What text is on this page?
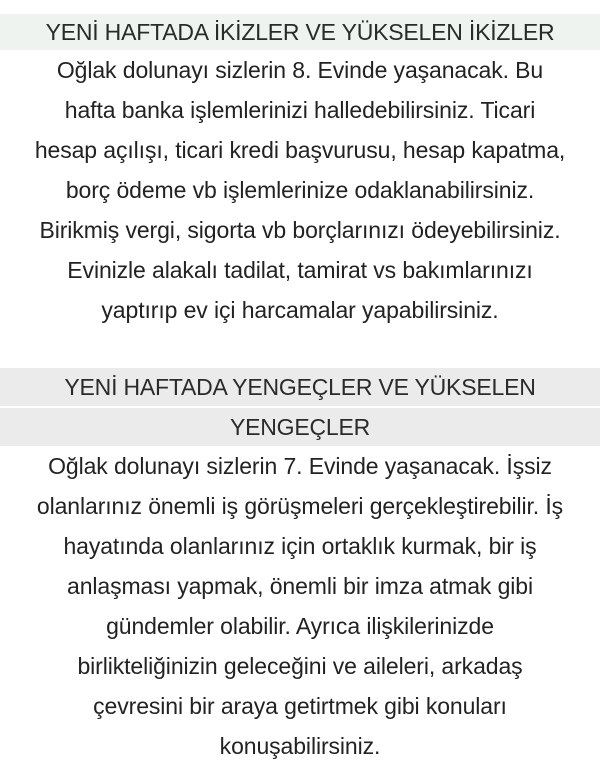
YENİ HAFTADA İKİZLER VE YÜKSELEN İKİZLER
Oğlak dolunayı sizlerin 8. Evinde yaşanacak. Bu
hafta banka işlemlerinizi halledebilirsiniz. Ticari
hesap açılışı, ticari kredi başvurusu, hesap kapatma,
borç ödeme vb işlemlerinize odaklanabilirsiniz.
Birikmiş vergi, sigorta vb borçlarınızı ödeyebilirsiniz.
Evinizle alakalı tadilat, tamirat vs bakımlarınızı
yaptırıp ev içi harcamalar yapabilirsiniz.
YENİ HAFTADA YENGEÇLER VE YÜKSELEN
YENGEÇLER
Oğlak dolunayı sizlerin 7. Evinde yaşanacak. İşsiz
olanlarınız önemli iş görüşmeleri gerçekleştirebilir. İş
hayatında olanlarınız için ortaklık kurmak, bir iş
anlaşması yapmak, önemli bir imza atmak gibi
gündemler olabilir. Ayrıca ilişkilerinizde
birlikteliğinizin geleceğini ve aileleri, arkadaş
çevresini bir araya getirtmek gibi konuları
konuşabilirsiniz.
